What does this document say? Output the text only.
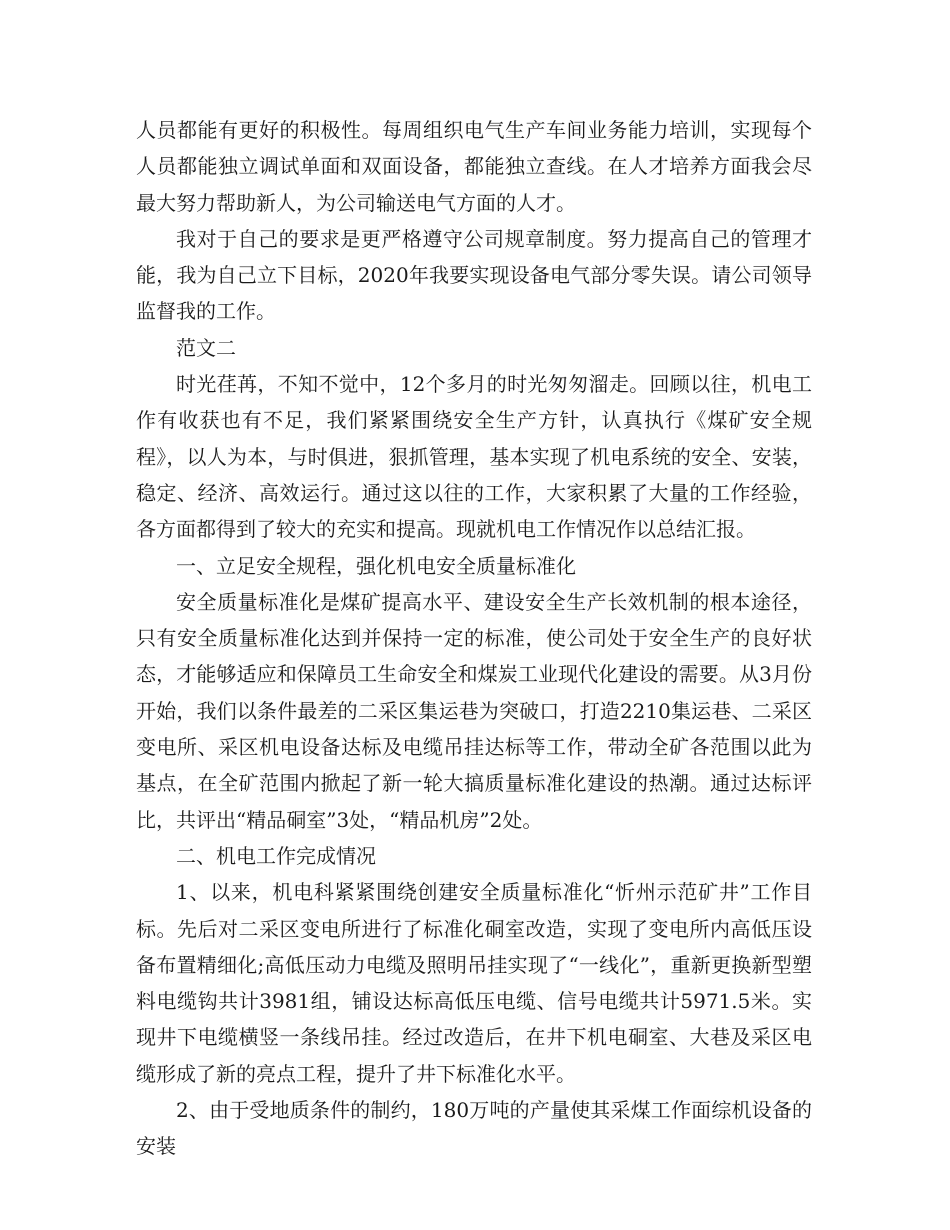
人员都能有更好的积极性。每周组织电气生产车间业务能力培训，实现每个人员都能独立调试单面和双面设备，都能独立查线。在人才培养方面我会尽最大努力帮助新人，为公司输送电气方面的人才。

我对于自己的要求是更严格遵守公司规章制度。努力提高自己的管理才能，我为自己立下目标，2020年我要实现设备电气部分零失误。请公司领导监督我的工作。

范文二

时光荏苒，不知不觉中，12个多月的时光匆匆溜走。回顾以往，机电工作有收获也有不足，我们紧紧围绕安全生产方针，认真执行《煤矿安全规程》，以人为本，与时俱进，狠抓管理，基本实现了机电系统的安全、安装，稳定、经济、高效运行。通过这以往的工作，大家积累了大量的工作经验，各方面都得到了较大的充实和提高。现就机电工作情况作以总结汇报。

一、立足安全规程，强化机电安全质量标准化

安全质量标准化是煤矿提高水平、建设安全生产长效机制的根本途径，只有安全质量标准化达到并保持一定的标准，使公司处于安全生产的良好状态，才能够适应和保障员工生命安全和煤炭工业现代化建设的需要。从3月份开始，我们以条件最差的二采区集运巷为突破口，打造2210集运巷、二采区变电所、采区机电设备达标及电缆吊挂达标等工作，带动全矿各范围以此为基点，在全矿范围内掀起了新一轮大搞质量标准化建设的热潮。通过达标评比，共评出“精品硐室”3处，“精品机房”2处。

二、机电工作完成情况

1、以来，机电科紧紧围绕创建安全质量标准化“忻州示范矿井”工作目标。先后对二采区变电所进行了标准化硐室改造，实现了变电所内高低压设备布置精细化;高低压动力电缆及照明吊挂实现了“一线化”，重新更换新型塑料电缆钩共计3981组，铺设达标高低压电缆、信号电缆共计5971.5米。实现井下电缆横竖一条线吊挂。经过改造后，在井下机电硐室、大巷及采区电缆形成了新的亮点工程，提升了井下标准化水平。

2、由于受地质条件的制约，180万吨的产量使其采煤工作面综机设备的安装
